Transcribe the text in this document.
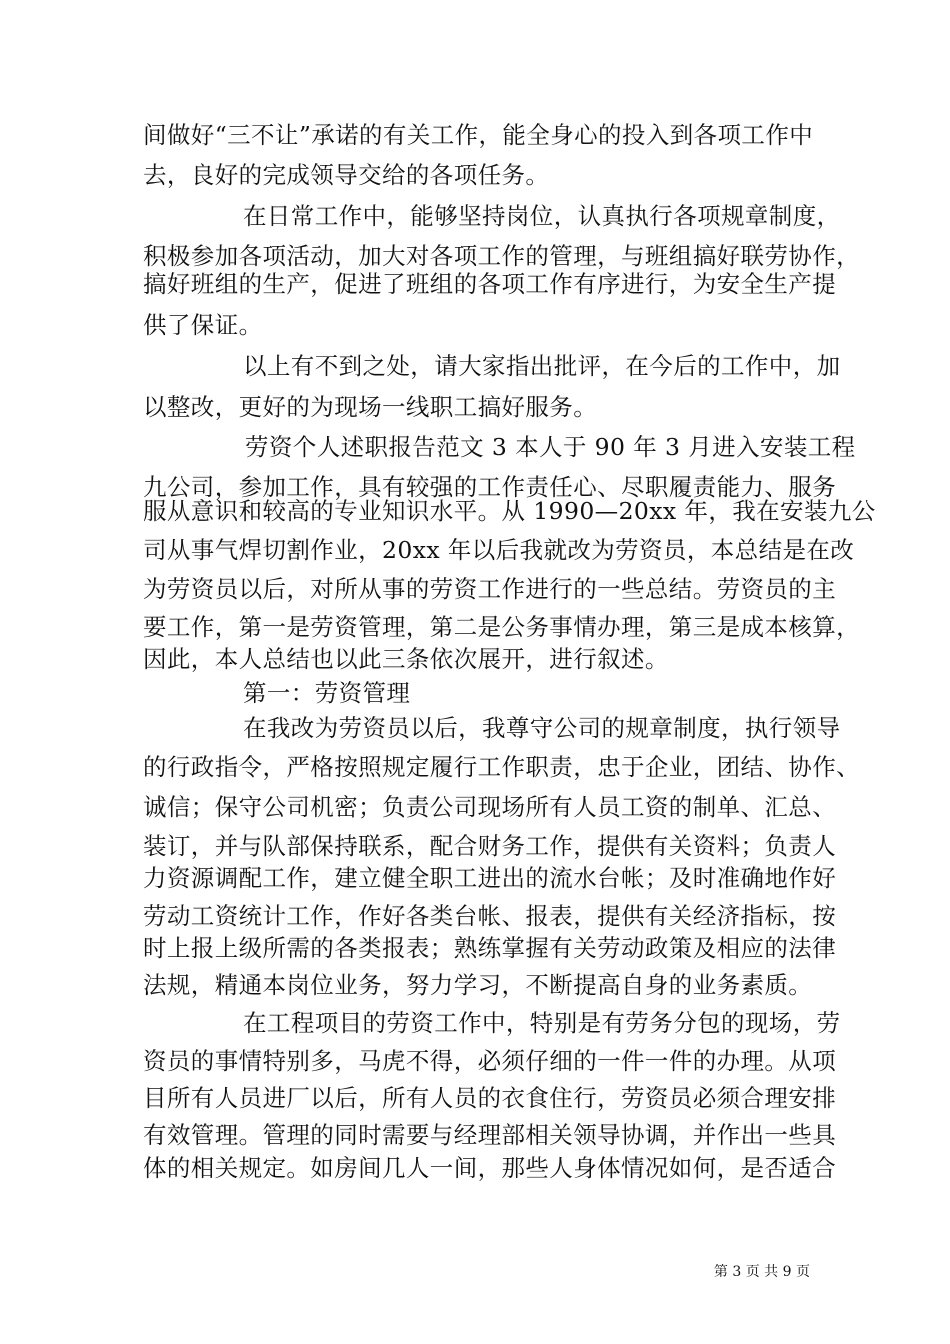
间做好“三不让”承诺的有关工作，能全身心的投入到各项工作中
去，良好的完成领导交给的各项任务。
在日常工作中，能够坚持岗位，认真执行各项规章制度，
积极参加各项活动，加大对各项工作的管理，与班组搞好联劳协作，
搞好班组的生产，促进了班组的各项工作有序进行，为安全生产提
供了保证。
以上有不到之处，请大家指出批评，在今后的工作中，加
以整改，更好的为现场一线职工搞好服务。
劳资个人述职报告范文 3 本人于 90 年 3 月进入安装工程
九公司，参加工作，具有较强的工作责任心、尽职履责能力、服务
服从意识和较高的专业知识水平。从 1990—20xx 年，我在安装九公
司从事气焊切割作业，20xx 年以后我就改为劳资员，本总结是在改
为劳资员以后，对所从事的劳资工作进行的一些总结。劳资员的主
要工作，第一是劳资管理，第二是公务事情办理，第三是成本核算，
因此，本人总结也以此三条依次展开，进行叙述。
第一：劳资管理
在我改为劳资员以后，我尊守公司的规章制度，执行领导
的行政指令，严格按照规定履行工作职责，忠于企业，团结、协作、
诚信；保守公司机密；负责公司现场所有人员工资的制单、汇总、
装订，并与队部保持联系，配合财务工作，提供有关资料；负责人
力资源调配工作，建立健全职工进出的流水台帐；及时准确地作好
劳动工资统计工作，作好各类台帐、报表，提供有关经济指标，按
时上报上级所需的各类报表；熟练掌握有关劳动政策及相应的法律
法规，精通本岗位业务，努力学习，不断提高自身的业务素质。
在工程项目的劳资工作中，特别是有劳务分包的现场，劳
资员的事情特别多，马虎不得，必须仔细的一件一件的办理。从项
目所有人员进厂以后，所有人员的衣食住行，劳资员必须合理安排
有效管理。管理的同时需要与经理部相关领导协调，并作出一些具
体的相关规定。如房间几人一间，那些人身体情况如何，是否适合
第 3 页 共 9 页
